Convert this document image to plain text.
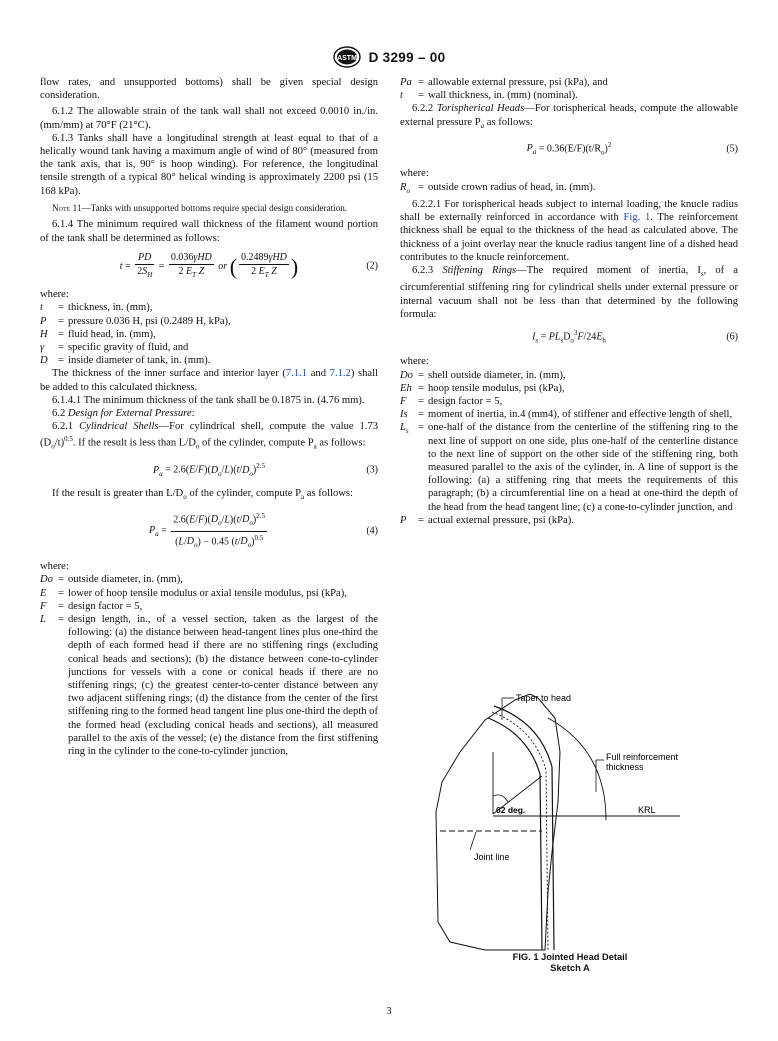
ASTM D 3299 – 00

flow rates, and unsupported bottoms) shall be given special design consideration.

6.1.2 The allowable strain of the tank wall shall not exceed 0.0010 in./in. (mm/mm) at 70°F (21°C).

6.1.3 Tanks shall have a longitudinal strength at least equal to that of a helically wound tank having a maximum angle of wind of 80° (measured from the tank axis, that is, 90° is hoop winding). For reference, the longitudinal tensile strength of a typical 80° helical winding is approximately 2200 psi (15 168 kPa).

Note 11—Tanks with unsupported bottoms require special design consideration.

6.1.4 The minimum required wall thickness of the filament wound portion of the tank shall be determined as follows:

$t = \frac{PD}{2S_H} = \frac{\text{0.036γHD}}{2 E_T Z}$ or ( $\frac{\text{0.2489γHD}}{2 E_T Z}$ )	(2)

where:

t	= thickness, in. (mm),
P	= pressure 0.036 H, psi (0.2489 H, kPa),
H = fluid head, in. (mm),
γ	= specific gravity of fluid, and
D = inside diameter of tank, in. (mm).

The thickness of the inner surface and interior layer (7.1.1 and 7.1.2) shall be added to this calculated thickness.

6.1.4.1 The minimum thickness of the tank shall be 0.1875 in. (4.76 mm).

6.2 Design for External Pressure:

6.2.1 Cylindrical Shells—For cylindrical shell, compute the value 1.73 $(D_o/t)^{0.5}$. If the result is less than $L/D_o$ of the cylinder, compute $P_a$ as follows:

$P_a = 2.6(E/F)(D_o/L)(t/D_o)^{2.5}$	(3)

If the result is greater than $L/D_o$ of the cylinder, compute $P_a$ as follows:

$P_a = \frac{2.6(E/F)(D_o/L)(t/D_o)^{2.5}}{(L/D_o) - 0.45 (t/D_o)^{0.5}}$	(4)

where:

Do = outside diameter, in. (mm),
E	= lower of hoop tensile modulus or axial tensile modulus, psi (kPa),
F	= design factor = 5,
L	= design length, in., of a vessel section, taken as the largest of the following: (a) the distance between head-tangent lines plus one-third the depth of each formed head if there are no stiffening rings (excluding conical heads and sections); (b) the distance between cone-to-cylinder junctions for vessels with a cone or conical heads if there are no stiffening rings; (c) the greatest center-to-center distance between any two adjacent stiffening rings; (d) the distance from the center of the first stiffening ring to the formed head tangent line plus one-third the depth of the formed head (excluding conical heads and sections), all measured parallel to the axis of the vessel; (e) the distance from the first stiffening ring in the cylinder to the cone-to-cylinder junction,
Pa = allowable external pressure, psi (kPa), and
t	= wall thickness, in. (mm) (nominal).

6.2.2 Torispherical Heads—For torispherical heads, compute the allowable external pressure $P_a$ as follows:

$P_a = 0.36(E/F)(t/R_o)^2$	(5)

where:

$R_o$ = outside crown radius of head, in. (mm).

6.2.2.1 For torispherical heads subject to internal loading, the knucle radius shall be externally reinforced in accordance with Fig. 1. The reinforcement thickness shall be equal to the thickness of the head as calculated above. The thickness of a joint overlay near the knucle radius tangent line of a dished head contributes to the knucle reinforcement.

6.2.3 Stiffening Rings—The required moment of inertia, $I_s$, of a circumferential stiffening ring for cylindrical shells under external pressure or internal vacuum shall not be less than that determined by the following formula:

$I_s = PL_sD_o^3F/24E_h$	(6)

where:

Do = shell outside diameter, in. (mm),
Eh = hoop tensile modulus, psi (kPa),
F	= design factor = 5,
Is = moment of inertia, in.4 (mm4), of stiffener and effective length of shell,
$L_s$ = one-half of the distance from the centerline of the stiffening ring to the next line of support on one side, plus one-half of the centerline distance to the next line of support on the other side of the stiffening ring, both measured parallel to the axis of the cylinder, in. A line of support is the following: (a) a stiffening ring that meets the requirements of this paragraph; (b) a circumferential line on a head at one-third the depth of the head from the head tangent line; (c) a cone-to-cylinder junction, and
P	= actual external pressure, psi (kPa).
Taper to head
Full reinforcement
thickness
62 deg.	KRL
Joint line
FIG. 1 Jointed Head Detail
Sketch A
3
